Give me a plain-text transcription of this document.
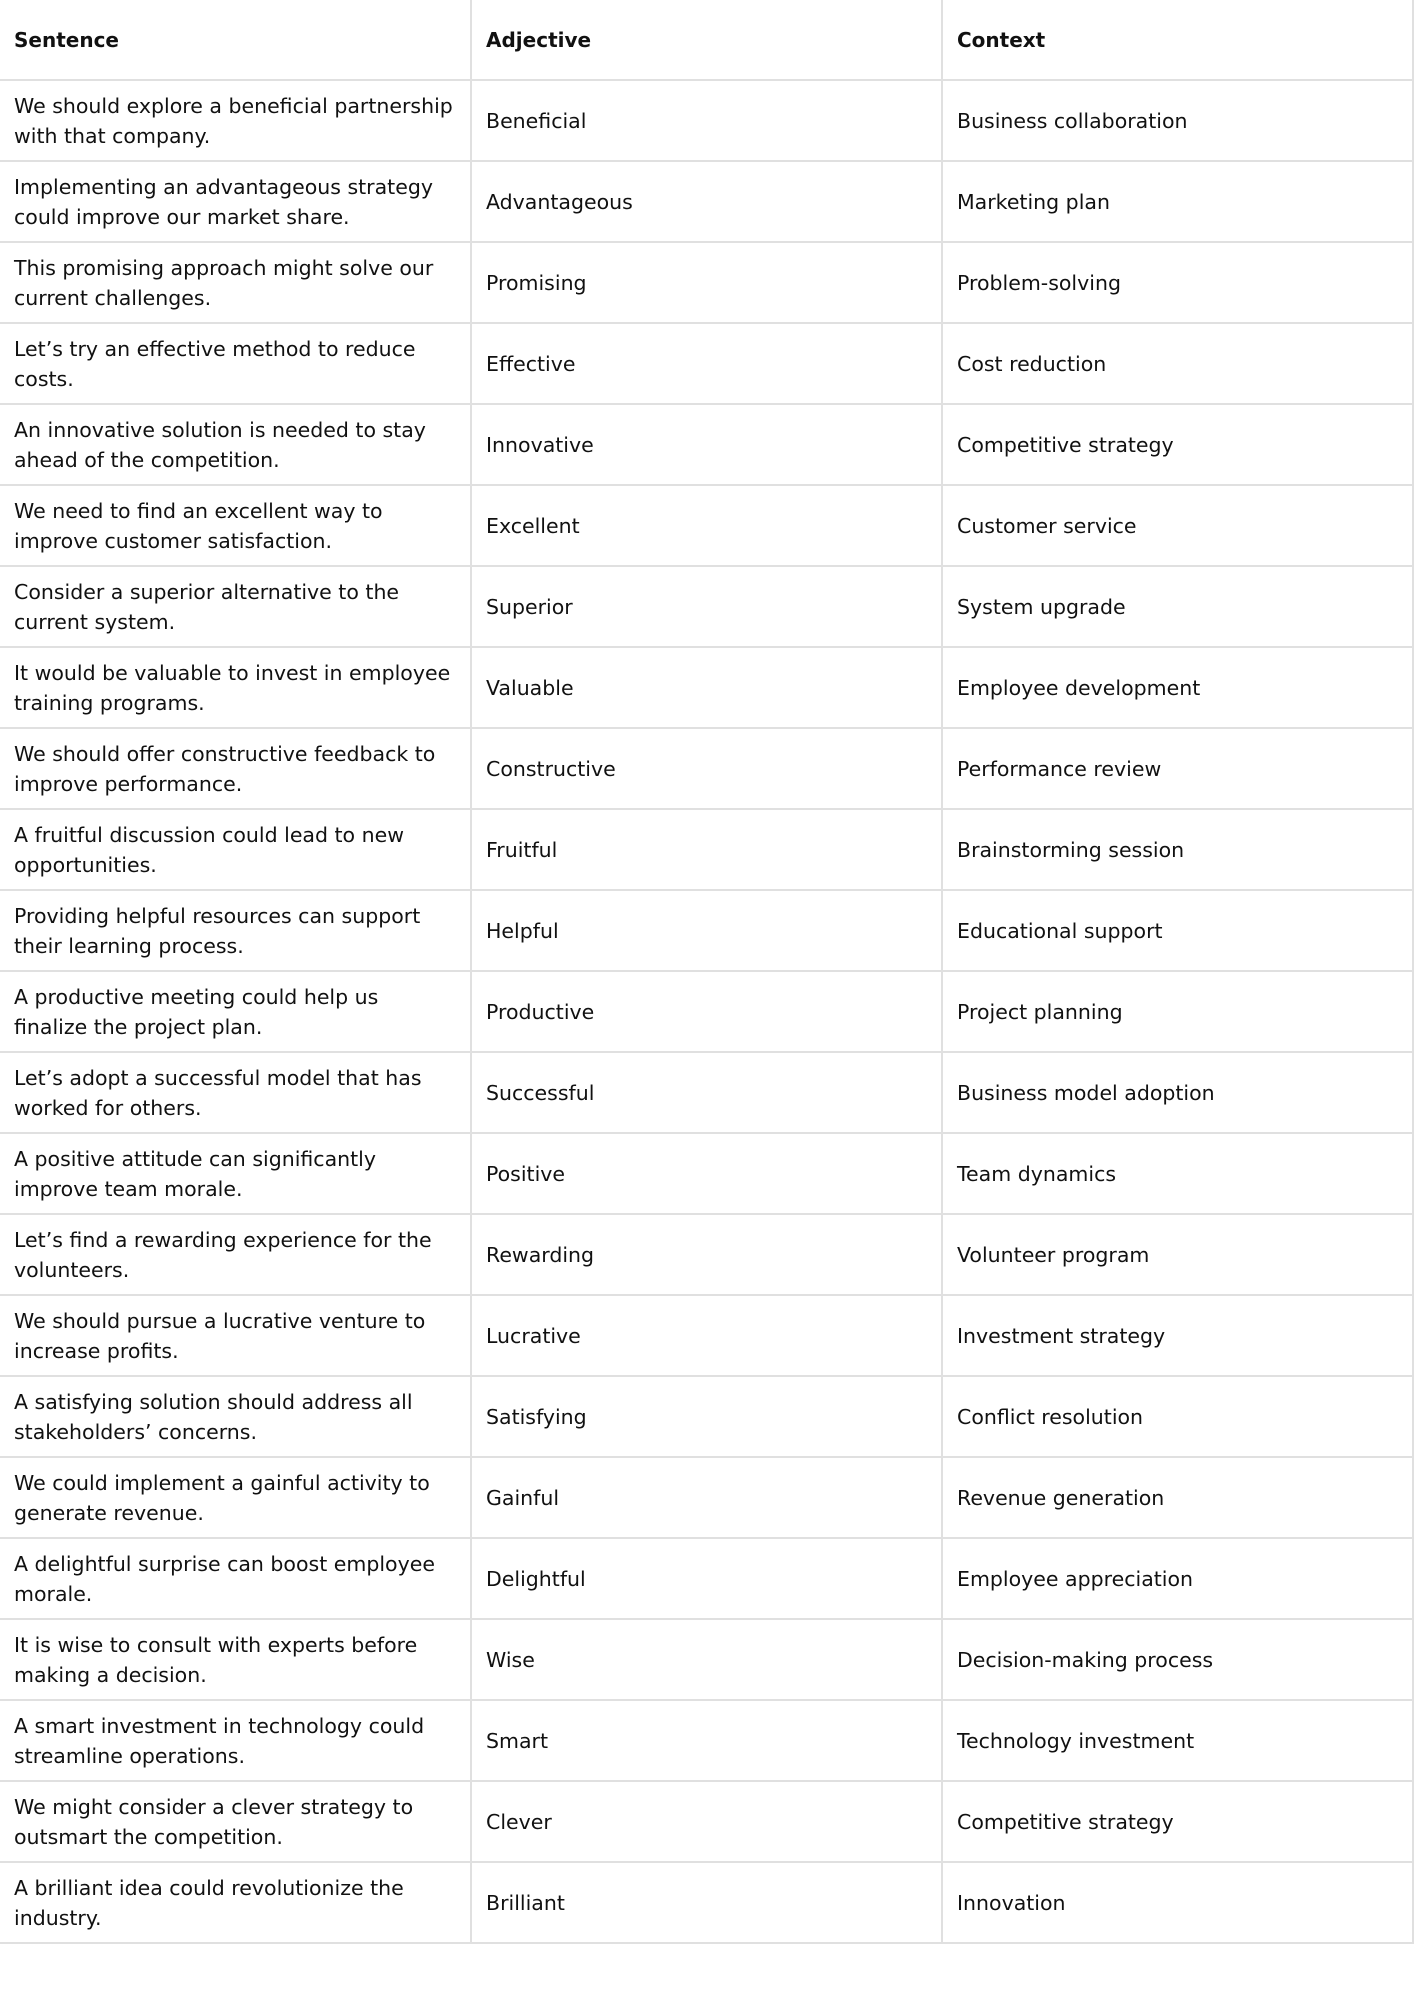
Sentence	Adjective	Context
We should explore a beneficial partnership with that company.	Beneficial	Business collaboration
Implementing an advantageous strategy could improve our market share.	Advantageous	Marketing plan
This promising approach might solve our current challenges.	Promising	Problem-solving
Let’s try an effective method to reduce costs.	Effective	Cost reduction
An innovative solution is needed to stay ahead of the competition.	Innovative	Competitive strategy
We need to find an excellent way to improve customer satisfaction.	Excellent	Customer service
Consider a superior alternative to the current system.	Superior	System upgrade
It would be valuable to invest in employee training programs.	Valuable	Employee development
We should offer constructive feedback to improve performance.	Constructive	Performance review
A fruitful discussion could lead to new opportunities.	Fruitful	Brainstorming session
Providing helpful resources can support their learning process.	Helpful	Educational support
A productive meeting could help us finalize the project plan.	Productive	Project planning
Let’s adopt a successful model that has worked for others.	Successful	Business model adoption
A positive attitude can significantly improve team morale.	Positive	Team dynamics
Let’s find a rewarding experience for the volunteers.	Rewarding	Volunteer program
We should pursue a lucrative venture to increase profits.	Lucrative	Investment strategy
A satisfying solution should address all stakeholders’ concerns.	Satisfying	Conflict resolution
We could implement a gainful activity to generate revenue.	Gainful	Revenue generation
A delightful surprise can boost employee morale.	Delightful	Employee appreciation
It is wise to consult with experts before making a decision.	Wise	Decision-making process
A smart investment in technology could streamline operations.	Smart	Technology investment
We might consider a clever strategy to outsmart the competition.	Clever	Competitive strategy
A brilliant idea could revolutionize the industry.	Brilliant	Innovation
